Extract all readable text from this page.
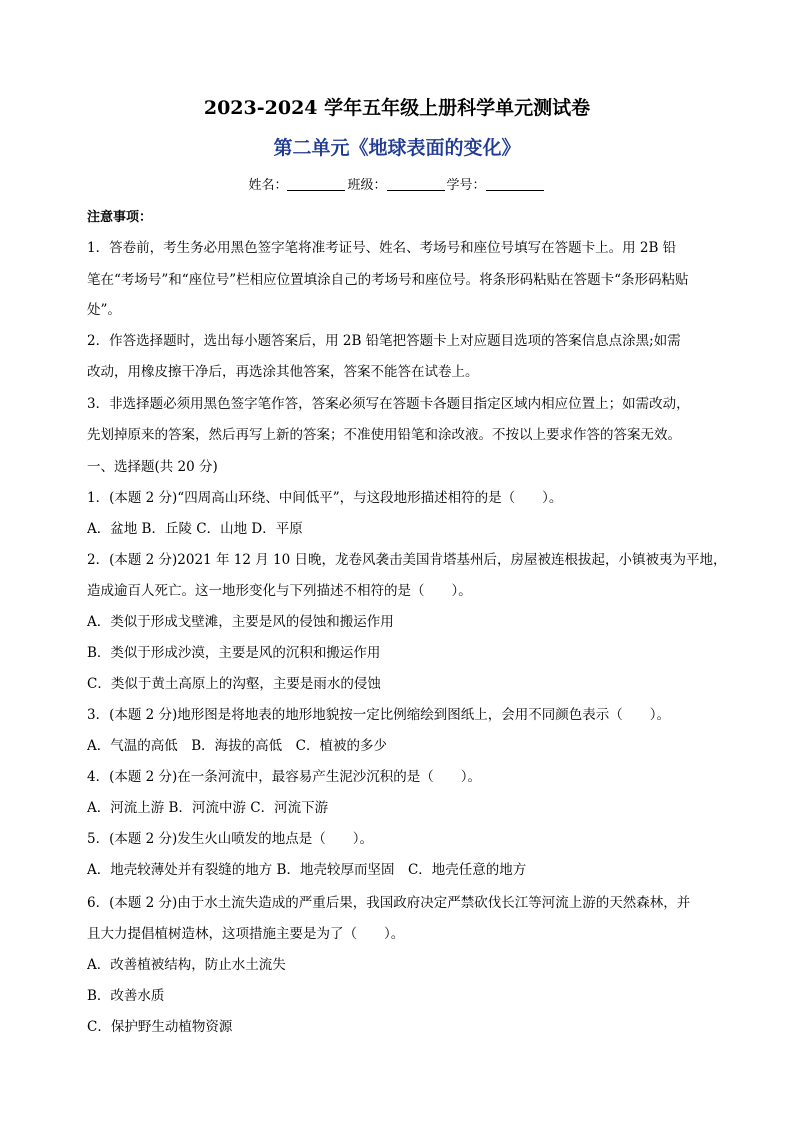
2023-2024 学年五年级上册科学单元测试卷
第二单元《地球表面的变化》
姓名：	班级：	学号：
注意事项：
1．答卷前，考生务必用黑色签字笔将准考证号、姓名、考场号和座位号填写在答题卡上。用 2B 铅
笔在“考场号”和“座位号”栏相应位置填涂自己的考场号和座位号。将条形码粘贴在答题卡“条形码粘贴
处”。
2．作答选择题时，选出每小题答案后，用 2B 铅笔把答题卡上对应题目选项的答案信息点涂黑;如需
改动，用橡皮擦干净后，再选涂其他答案，答案不能答在试卷上。
3．非选择题必须用黑色签字笔作答，答案必须写在答题卡各题目指定区域内相应位置上；如需改动，
先划掉原来的答案，然后再写上新的答案；不准使用铅笔和涂改液。不按以上要求作答的答案无效。
一、选择题(共 20 分)
1．(本题 2 分)“四周高山环绕、中间低平”，与这段地形描述相符的是（　　）。
A．盆地 B．丘陵 C．山地 D．平原
2．(本题 2 分)2021 年 12 月 10 日晚，龙卷风袭击美国肯塔基州后，房屋被连根拔起，小镇被夷为平地，
造成逾百人死亡。这一地形变化与下列描述不相符的是（　　）。
A．类似于形成戈壁滩，主要是风的侵蚀和搬运作用
B．类似于形成沙漠，主要是风的沉积和搬运作用
C．类似于黄土高原上的沟壑，主要是雨水的侵蚀
3．(本题 2 分)地形图是将地表的地形地貌按一定比例缩绘到图纸上，会用不同颜色表示（　　）。
A．气温的高低　B．海拔的高低　C．植被的多少
4．(本题 2 分)在一条河流中，最容易产生泥沙沉积的是（　　）。
A．河流上游 B．河流中游 C．河流下游
5．(本题 2 分)发生火山喷发的地点是（　　）。
A．地壳较薄处并有裂缝的地方 B．地壳较厚而坚固　C．地壳任意的地方
6．(本题 2 分)由于水土流失造成的严重后果，我国政府决定严禁砍伐长江等河流上游的天然森林，并
且大力提倡植树造林，这项措施主要是为了（　　）。
A．改善植被结构，防止水土流失
B．改善水质
C．保护野生动植物资源
